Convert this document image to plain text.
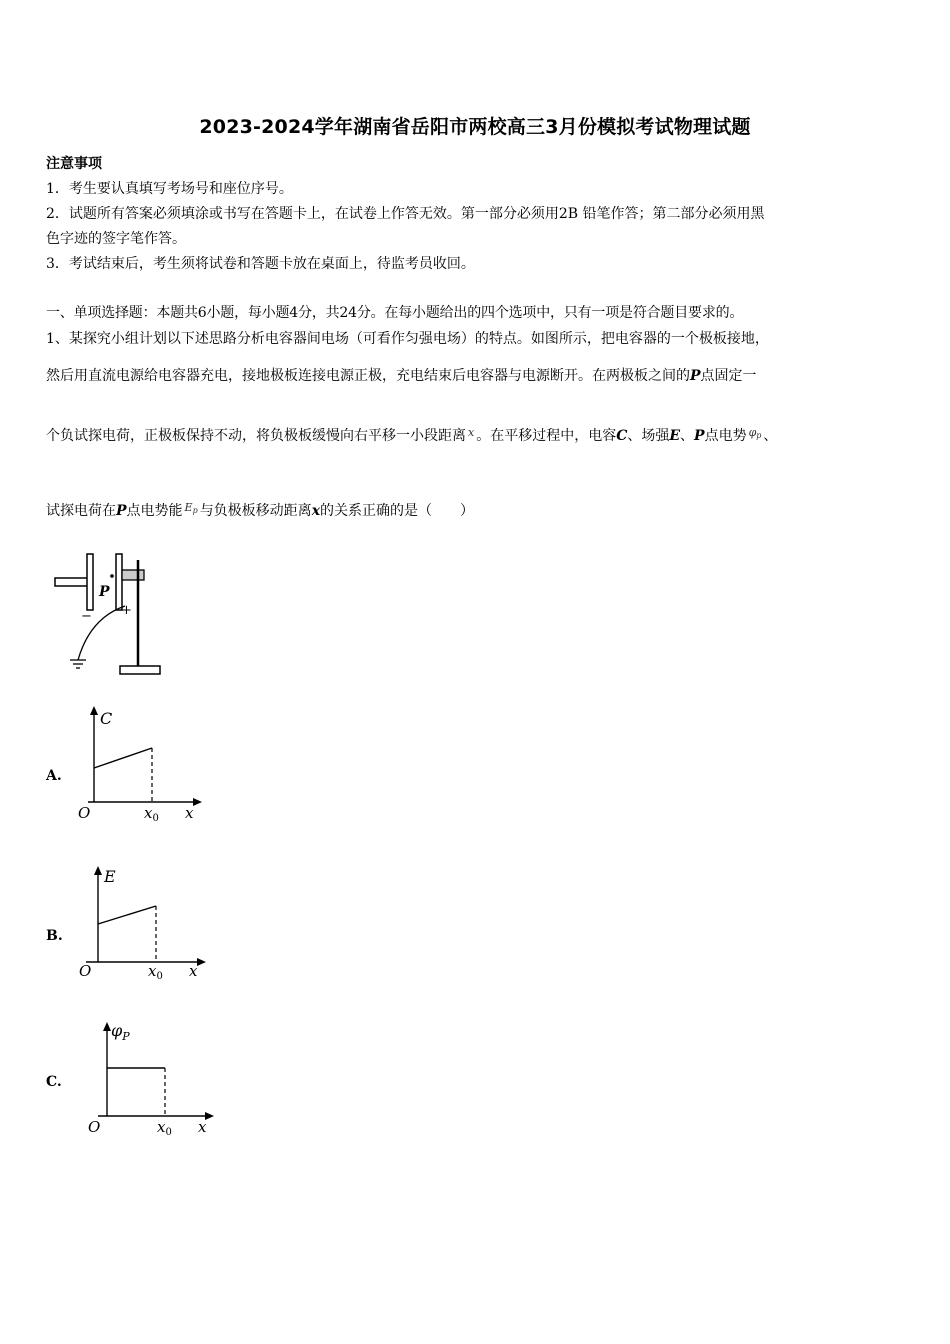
2023-2024学年湖南省岳阳市两校高三3月份模拟考试物理试题
注意事项
1．考生要认真填写考场号和座位序号。
2．试题所有答案必须填涂或书写在答题卡上，在试卷上作答无效。第一部分必须用2B 铅笔作答；第二部分必须用黑
色字迹的签字笔作答。
3．考试结束后，考生须将试卷和答题卡放在桌面上，待监考员收回。
一、单项选择题：本题共6小题，每小题4分，共24分。在每小题给出的四个选项中，只有一项是符合题目要求的。
1、某探究小组计划以下述思路分析电容器间电场（可看作匀强电场）的特点。如图所示，把电容器的一个极板接地，
然后用直流电源给电容器充电，接地极板连接电源正极，充电结束后电容器与电源断开。在两极板之间的P点固定一
个负试探电荷，正极板保持不动，将负极板缓慢向右平移一小段距离 $^x$ 。在平移过程中，电容C、场强E、P点电势 $^{\varphi p}$ 、
试探电荷在P点电势能 $^{Ep}$ 与负极板移动距离x的关系正确的是（　　）
P
− +
A.
C
O	$x_0$ x
B.
E
O	$x_0$ x
C.
$\varphi_P$
O	$x_0$ x
